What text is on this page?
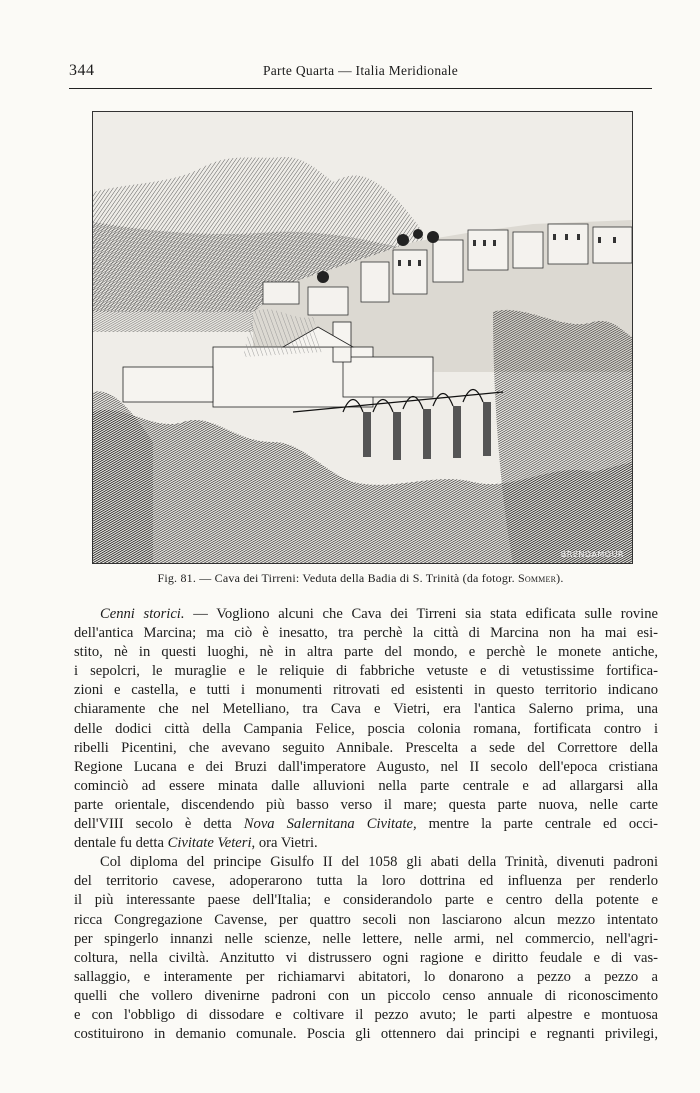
344	Parte Quarta — Italia Meridionale
BRENDAMOUR
Fig. 81. — Cava dei Tirreni: Veduta della Badia di S. Trinità (da fotogr. Sommer).

Cenni storici. — Vogliono alcuni che Cava dei Tirreni sia stata edificata sulle rovine
dell'antica Marcina; ma ciò è inesatto, tra perchè la città di Marcina non ha mai esi-
stito, nè in questi luoghi, nè in altra parte del mondo, e perchè le monete antiche,
i sepolcri, le muraglie e le reliquie di fabbriche vetuste e di vetustissime fortifica-
zioni e castella, e tutti i monumenti ritrovati ed esistenti in questo territorio indicano
chiaramente che nel Metelliano, tra Cava e Vietri, era l'antica Salerno prima, una
delle dodici città della Campania Felice, poscia colonia romana, fortificata contro i
ribelli Picentini, che avevano seguito Annibale. Prescelta a sede del Correttore della
Regione Lucana e dei Bruzi dall'imperatore Augusto, nel II secolo dell'epoca cristiana
cominciò ad essere minata dalle alluvioni nella parte centrale e ad allargarsi alla
parte orientale, discendendo più basso verso il mare; questa parte nuova, nelle carte
dell'VIII secolo è detta Nova Salernitana Civitate, mentre la parte centrale ed occi-
dentale fu detta Civitate Veteri, ora Vietri.

Col diploma del principe Gisulfo II del 1058 gli abati della Trinità, divenuti padroni
del territorio cavese, adoperarono tutta la loro dottrina ed influenza per renderlo
il più interessante paese dell'Italia; e considerandolo parte e centro della potente e
ricca Congregazione Cavense, per quattro secoli non lasciarono alcun mezzo intentato
per spingerlo innanzi nelle scienze, nelle lettere, nelle armi, nel commercio, nell'agri-
coltura, nella civiltà. Anzitutto vi distrussero ogni ragione e diritto feudale e di vas-
sallaggio, e interamente per richiamarvi abitatori, lo donarono a pezzo a pezzo a
quelli che vollero divenirne padroni con un piccolo censo annuale di riconoscimento
e con l'obbligo di dissodare e coltivare il pezzo avuto; le parti alpestre e montuosa
costituirono in demanio comunale. Poscia gli ottennero dai principi e regnanti privilegi,
